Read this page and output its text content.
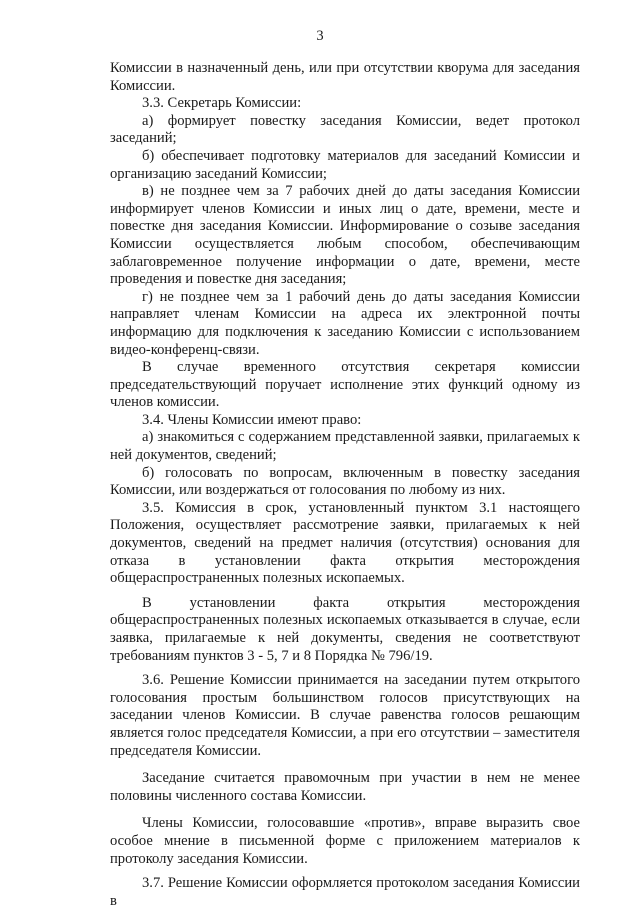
3

Комиссии в назначенный день, или при отсутствии кворума для заседания Комиссии.

3.3. Секретарь Комиссии:

а) формирует повестку заседания Комиссии, ведет протокол заседаний;

б) обеспечивает подготовку материалов для заседаний Комиссии и организацию заседаний Комиссии;

в) не позднее чем за 7 рабочих дней до даты заседания Комиссии информирует членов Комиссии и иных лиц о дате, времени, месте и повестке дня заседания Комиссии. Информирование о созыве заседания Комиссии осуществляется любым способом, обеспечивающим заблаговременное получение информации о дате, времени, месте проведения и повестке дня заседания;

г) не позднее чем за 1 рабочий день до даты заседания Комиссии направляет членам Комиссии на адреса их электронной почты информацию для подключения к заседанию Комиссии с использованием видео-конференц-связи.

В случае временного отсутствия секретаря комиссии председательствующий поручает исполнение этих функций одному из членов комиссии.

3.4. Члены Комиссии имеют право:

а) знакомиться с содержанием представленной заявки, прилагаемых к ней документов, сведений;

б) голосовать по вопросам, включенным в повестку заседания Комиссии, или воздержаться от голосования по любому из них.

3.5. Комиссия в срок, установленный пунктом 3.1 настоящего Положения, осуществляет рассмотрение заявки, прилагаемых к ней документов, сведений на предмет наличия (отсутствия) основания для отказа в установлении факта открытия месторождения общераспространенных полезных ископаемых.

В установлении факта открытия месторождения общераспространенных полезных ископаемых отказывается в случае, если заявка, прилагаемые к ней документы, сведения не соответствуют требованиям пунктов 3 - 5, 7 и 8 Порядка № 796/19.

3.6. Решение Комиссии принимается на заседании путем открытого голосования простым большинством голосов присутствующих на заседании членов Комиссии. В случае равенства голосов решающим является голос председателя Комиссии, а при его отсутствии – заместителя председателя Комиссии.

Заседание считается правомочным при участии в нем не менее половины численного состава Комиссии.

Члены Комиссии, голосовавшие «против», вправе выразить свое особое мнение в письменной форме с приложением материалов к протоколу заседания Комиссии.

3.7. Решение Комиссии оформляется протоколом заседания Комиссии в
